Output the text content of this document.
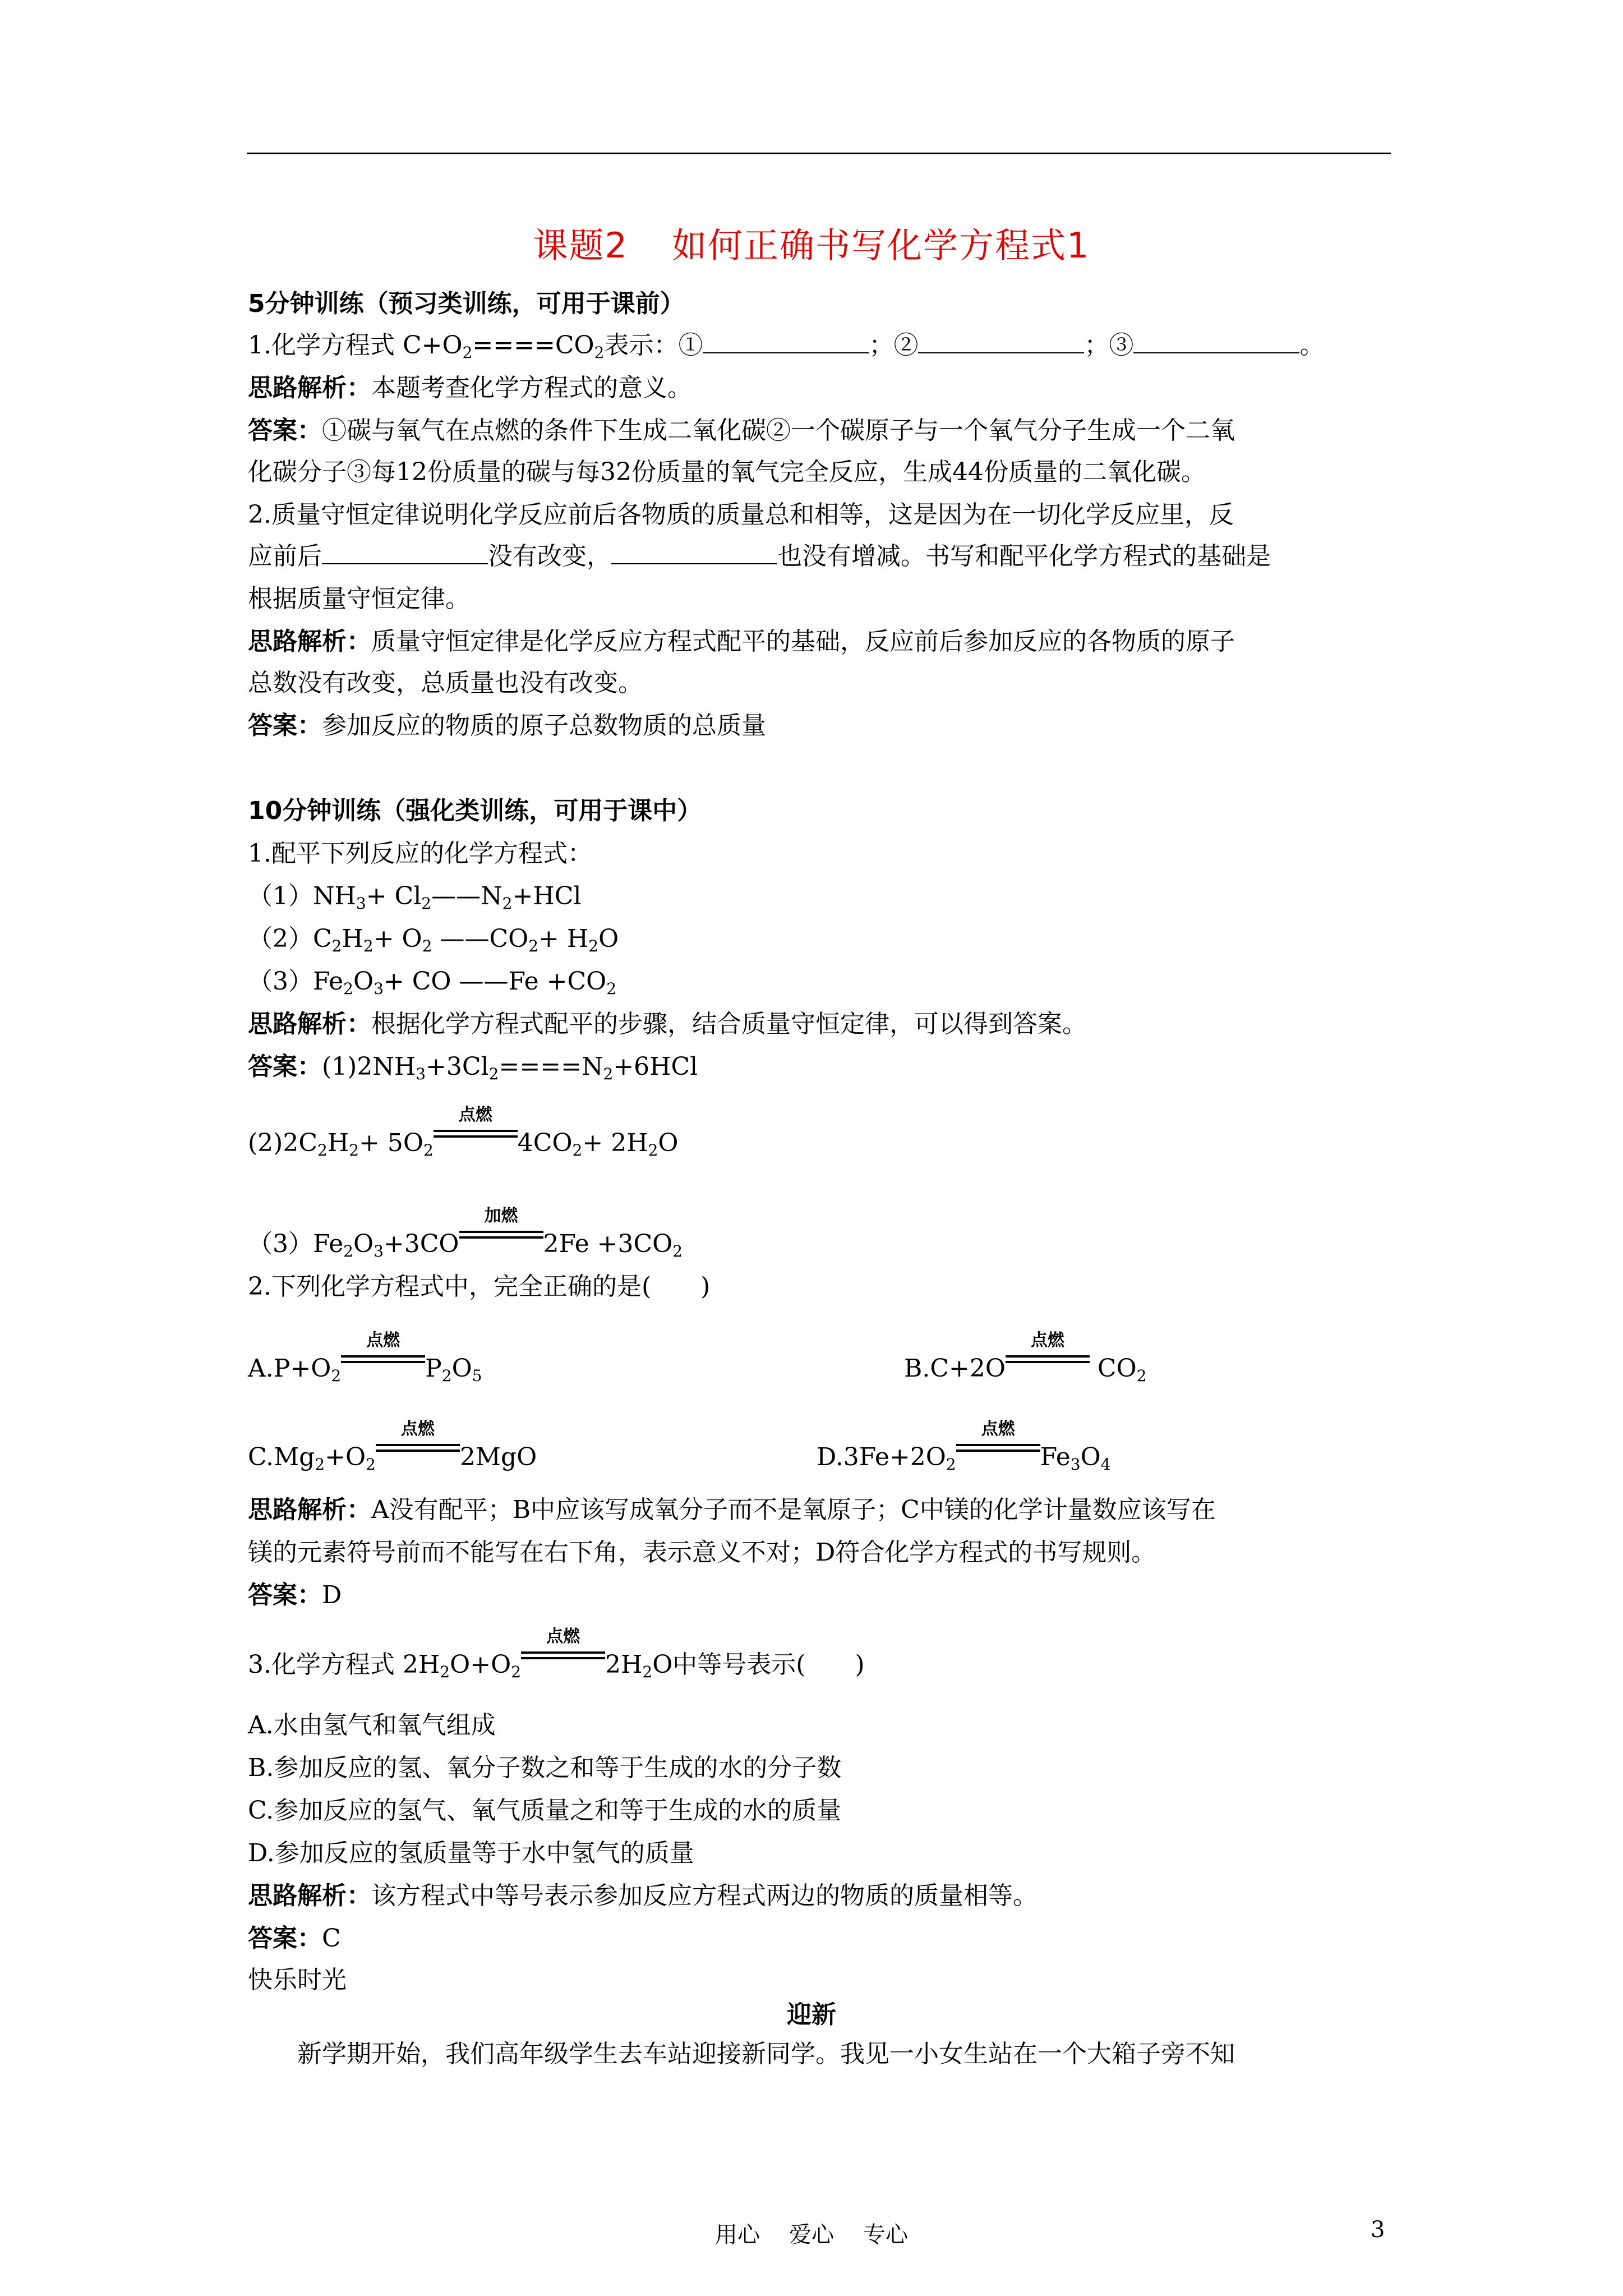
课题2 如何正确书写化学方程式1
5分钟训练（预习类训练，可用于课前）
1.化学方程式 $C+O_2====CO_2$表示：①	；②	；③	。
思路解析：本题考查化学方程式的意义。
答案：①碳与氧气在点燃的条件下生成二氧化碳②一个碳原子与一个氧气分子生成一个二氧
化碳分子③每12份质量的碳与每32份质量的氧气完全反应，生成44份质量的二氧化碳。
2.质量守恒定律说明化学反应前后各物质的质量总和相等，这是因为在一切化学反应里，反
应前后	没有改变，	也没有增减。书写和配平化学方程式的基础是
根据质量守恒定律。
思路解析：质量守恒定律是化学反应方程式配平的基础，反应前后参加反应的各物质的原子
总数没有改变，总质量也没有改变。
答案：参加反应的物质的原子总数物质的总质量
10分钟训练（强化类训练，可用于课中）
1.配平下列反应的化学方程式：
$(1)NH_3+$ $Cl_2——N_2+HCl$
$(2)C_2H_2+ O_2$ $——CO_2+ H_2O$
$(3)Fe_2O_3+$ CO ——Fe $+CO_2$
思路解析：根据化学方程式配平的步骤，结合质量守恒定律，可以得到答案。
答案：$(1)2NH_3+3Cl_2====N_2+6HCl$
$(2)2C_2H_2+ 5O_2$
点燃
$4CO_2+ 2H_2O$
$(3)Fe_2O_3+3CO$
加燃
$2Fe +3CO_2$
2.下列化学方程式中，完全正确的是(　　)
$A.P+O_2$
点燃
$P_2O_5$	B.C+2O
点燃
$CO_2$
$C.Mg_2+O_2$
点燃
2MgO	$D.3Fe+2O_2$
点燃
$Fe_3O_4$
思路解析：A没有配平；B中应该写成氧分子而不是氧原子；C中镁的化学计量数应该写在
镁的元素符号前而不能写在右下角，表示意义不对；D符合化学方程式的书写规则。
答案：D
3.化学方程式 $2H_2O+O_2$
点燃
$2H_2O$中等号表示(　　)
A.水由氢气和氧气组成
B.参加反应的氢、氧分子数之和等于生成的水的分子数
C.参加反应的氢气、氧气质量之和等于生成的水的质量
D.参加反应的氢质量等于水中氢气的质量
思路解析：该方程式中等号表示参加反应方程式两边的物质的质量相等。
答案：C
快乐时光
迎新
新学期开始，我们高年级学生去车站迎接新同学。我见一小女生站在一个大箱子旁不知
用心 爱心 专心	3
